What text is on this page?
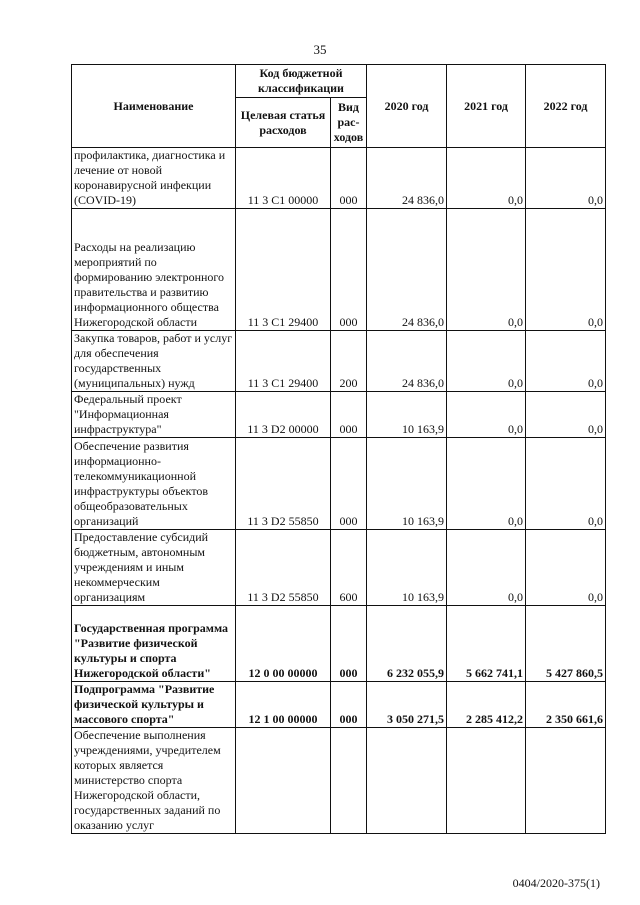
35
Наименование	Код бюджетной классификации		2020 год	2021 год	2022 год
	Целевая статья расходов	Вид рас- ходов			
профилактика, диагностика и лечение от новой коронавирусной инфекции (COVID-19)	11 3 С1 00000	000	24 836,0	0,0	0,0
Расходы на реализацию мероприятий по формированию электронного правительства и развитию информационного общества Нижегородской области	11 3 С1 29400	000	24 836,0	0,0	0,0
Закупка товаров, работ и услуг для обеспечения государственных (муниципальных) нужд	11 3 С1 29400	200	24 836,0	0,0	0,0
Федеральный проект "Информационная инфраструктура"	11 3 D2 00000	000	10 163,9	0,0	0,0
Обеспечение развития информационно-телекоммуникационной инфраструктуры объектов общеобразовательных организаций	11 3 D2 55850	000	10 163,9	0,0	0,0
Предоставление субсидий бюджетным, автономным учреждениям и иным некоммерческим организациям	11 3 D2 55850	600	10 163,9	0,0	0,0
Государственная программа "Развитие физической культуры и спорта Нижегородской области"	12 0 00 00000	000	6 232 055,9	5 662 741,1	5 427 860,5
Подпрограмма "Развитие физической культуры и массового спорта"	12 1 00 00000	000	3 050 271,5	2 285 412,2	2 350 661,6
Обеспечение выполнения учреждениями, учредителем которых является министерство спорта Нижегородской области, государственных заданий по оказанию услуг					
0404/2020-375(1)
